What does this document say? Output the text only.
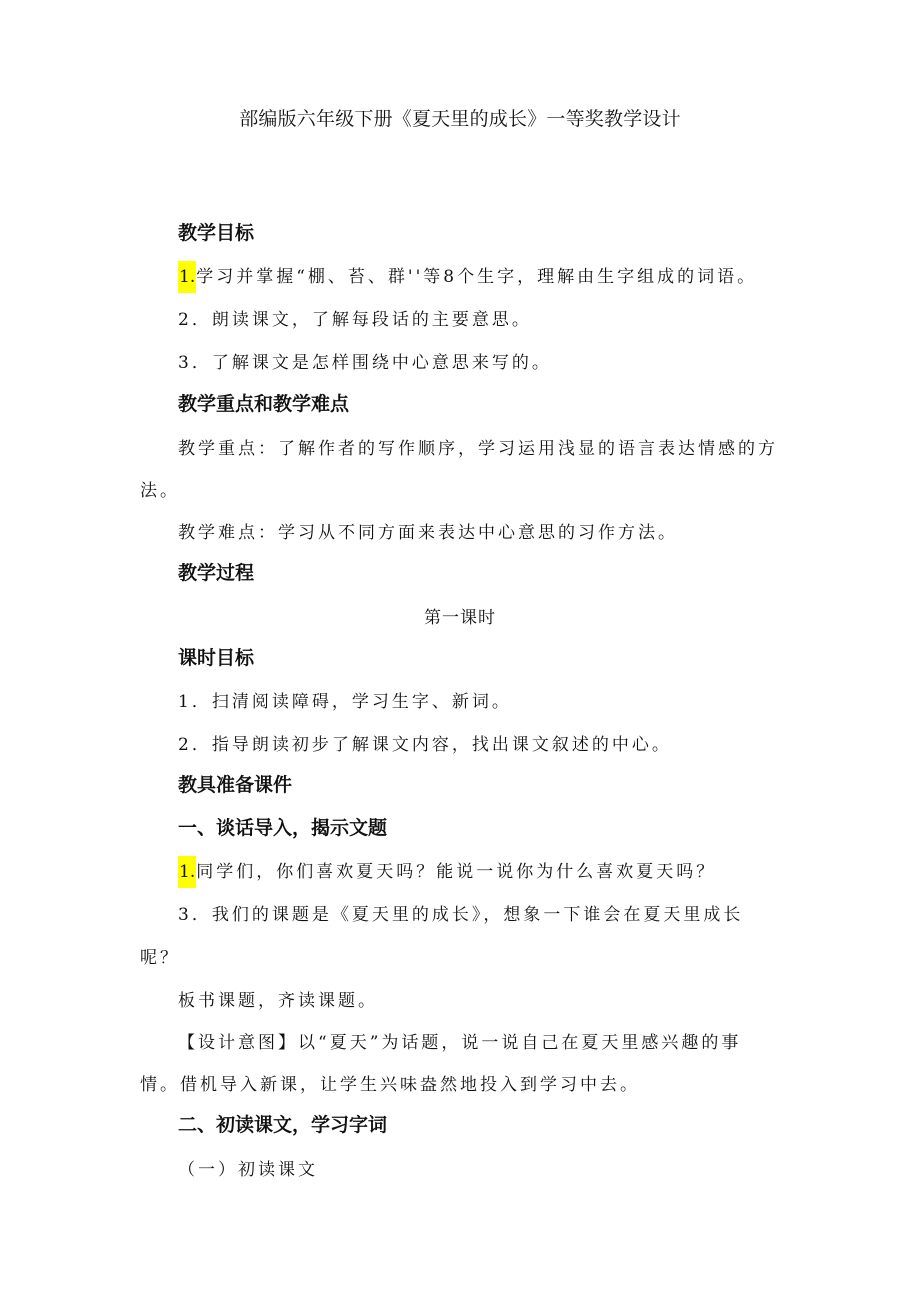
部编版六年级下册《夏天里的成长》一等奖教学设计
教学目标
1.学习并掌握“棚、苔、群''等8个生字，理解由生字组成的词语。
2．朗读课文，了解每段话的主要意思。
3．了解课文是怎样围绕中心意思来写的。
教学重点和教学难点
教学重点：了解作者的写作顺序，学习运用浅显的语言表达情感的方
法。
教学难点：学习从不同方面来表达中心意思的习作方法。
教学过程
第一课时
课时目标
1．扫清阅读障碍，学习生字、新词。
2．指导朗读初步了解课文内容，找出课文叙述的中心。
教具准备课件
一、谈话导入，揭示文题
1.同学们，你们喜欢夏天吗？能说一说你为什么喜欢夏天吗？
3．我们的课题是《夏天里的成长》，想象一下谁会在夏天里成长
呢？
板书课题，齐读课题。
【设计意图】以“夏天”为话题，说一说自己在夏天里感兴趣的事
情。借机导入新课，让学生兴味盎然地投入到学习中去。
二、初读课文，学习字词
（一）初读课文
